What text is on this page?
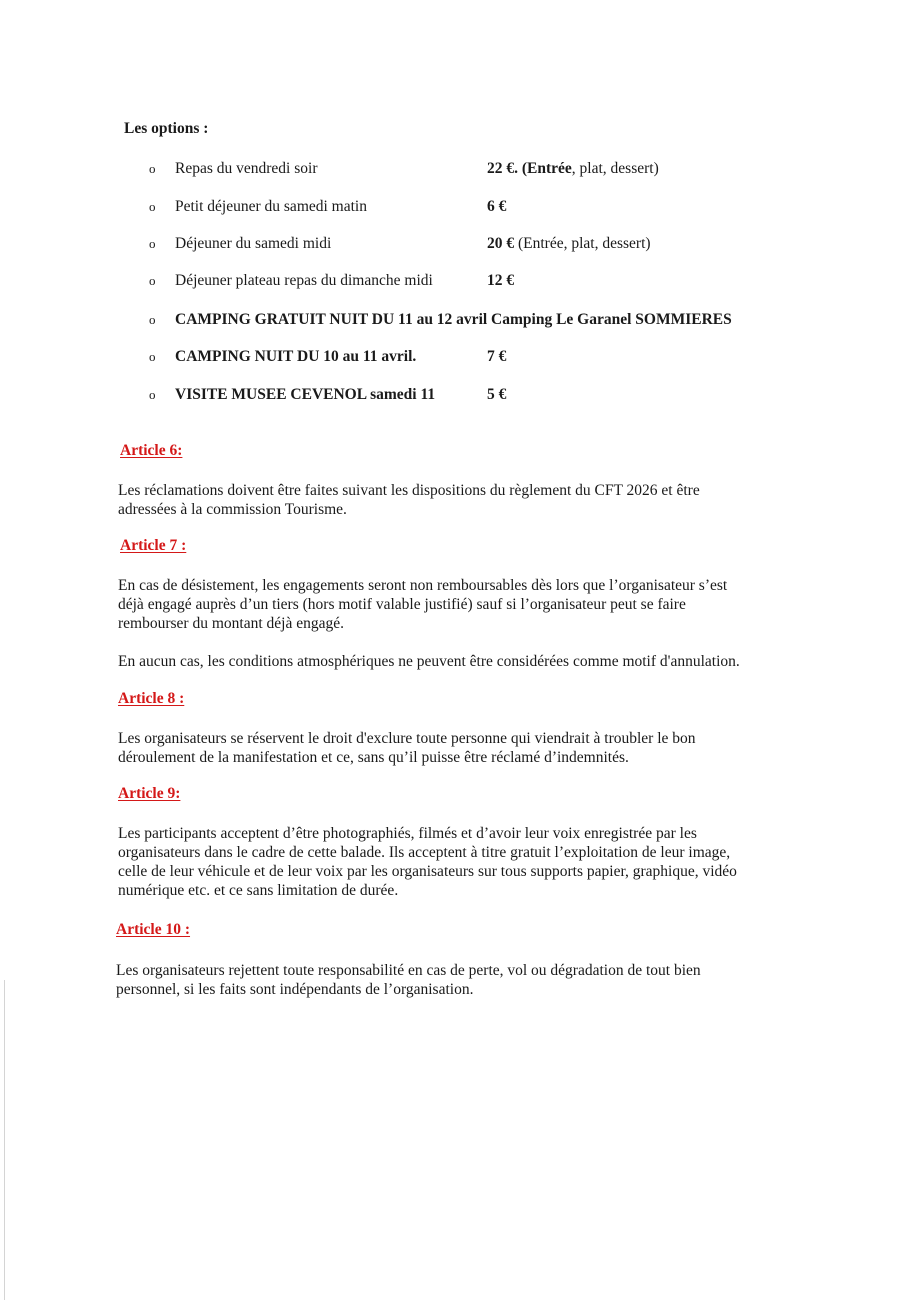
Les options :
o Repas du vendredi soir	22 €. (Entrée, plat, dessert)
o Petit déjeuner du samedi matin	6 €
o Déjeuner du samedi midi	20 € (Entrée, plat, dessert)
o Déjeuner plateau repas du dimanche midi	12 €
o CAMPING GRATUIT NUIT DU 11 au 12 avril Camping Le Garanel SOMMIERES
o CAMPING NUIT DU 10 au 11 avril.	7 €
o VISITE MUSEE CEVENOL samedi 11	5 €
Article 6:
Les réclamations doivent être faites suivant les dispositions du règlement du CFT 2026 et être
adressées à la commission Tourisme.
Article 7 :
En cas de désistement, les engagements seront non remboursables dès lors que l’organisateur s’est
déjà engagé auprès d’un tiers (hors motif valable justifié) sauf si l’organisateur peut se faire
rembourser du montant déjà engagé.
En aucun cas, les conditions atmosphériques ne peuvent être considérées comme motif d'annulation.
Article 8 :
Les organisateurs se réservent le droit d'exclure toute personne qui viendrait à troubler le bon
déroulement de la manifestation et ce, sans qu’il puisse être réclamé d’indemnités.
Article 9:
Les participants acceptent d’être photographiés, filmés et d’avoir leur voix enregistrée par les
organisateurs dans le cadre de cette balade. Ils acceptent à titre gratuit l’exploitation de leur image,
celle de leur véhicule et de leur voix par les organisateurs sur tous supports papier, graphique, vidéo
numérique etc. et ce sans limitation de durée.
Article 10 :
Les organisateurs rejettent toute responsabilité en cas de perte, vol ou dégradation de tout bien
personnel, si les faits sont indépendants de l’organisation.
